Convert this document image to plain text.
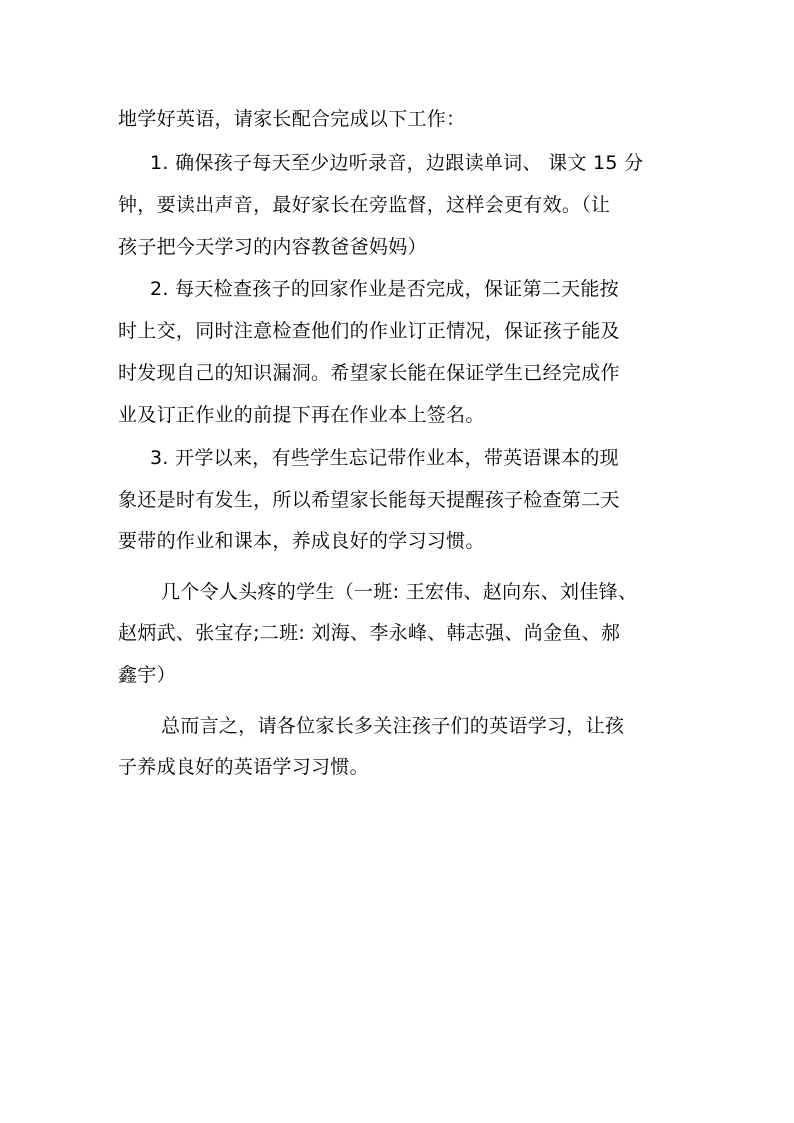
地学好英语，请家长配合完成以下工作：

1. 确保孩子每天至少边听录音，边跟读单词、 课文 15 分

钟，要读出声音，最好家长在旁监督，这样会更有效。（让

孩子把今天学习的内容教爸爸妈妈）

2. 每天检查孩子的回家作业是否完成，保证第二天能按

时上交，同时注意检查他们的作业订正情况，保证孩子能及

时发现自己的知识漏洞。希望家长能在保证学生已经完成作

业及订正作业的前提下再在作业本上签名。

3. 开学以来，有些学生忘记带作业本，带英语课本的现

象还是时有发生，所以希望家长能每天提醒孩子检查第二天

要带的作业和课本，养成良好的学习习惯。

几个令人头疼的学生（一班: 王宏伟、赵向东、刘佳锋、

赵炳武、张宝存;二班: 刘海、李永峰、韩志强、尚金鱼、郝

鑫宇）

总而言之，请各位家长多关注孩子们的英语学习，让孩

子养成良好的英语学习习惯。
